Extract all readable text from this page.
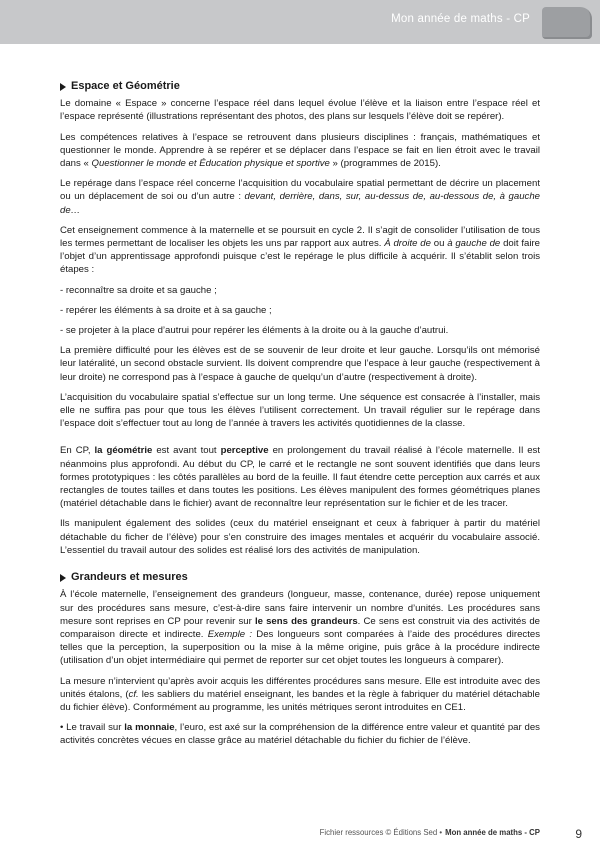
Mon année de maths - CP
Espace et Géométrie

Le domaine « Espace » concerne l’espace réel dans lequel évolue l’élève et la liaison entre l’espace réel et l’espace représenté (illustrations représentant des photos, des plans sur lesquels l’élève doit se repérer).

Les compétences relatives à l’espace se retrouvent dans plusieurs disciplines : français, mathématiques et questionner le monde. Apprendre à se repérer et se déplacer dans l’espace se fait en lien étroit avec le travail dans « Questionner le monde et Éducation physique et sportive » (programmes de 2015).

Le repérage dans l’espace réel concerne l’acquisition du vocabulaire spatial permettant de décrire un placement ou un déplacement de soi ou d’un autre : devant, derrière, dans, sur, au-dessus de, au-dessous de, à gauche de…

Cet enseignement commence à la maternelle et se poursuit en cycle 2. Il s’agit de consolider l’utilisation de tous les termes permettant de localiser les objets les uns par rapport aux autres. À droite de ou à gauche de doit faire l’objet d’un apprentissage approfondi puisque c’est le repérage le plus difficile à acquérir. Il s’établit selon trois étapes :

- reconnaître sa droite et sa gauche ;

- repérer les éléments à sa droite et à sa gauche ;

- se projeter à la place d’autrui pour repérer les éléments à la droite ou à la gauche d’autrui.

La première difficulté pour les élèves est de se souvenir de leur droite et leur gauche. Lorsqu’ils ont mémorisé leur latéralité, un second obstacle survient. Ils doivent comprendre que l’espace à leur gauche (respectivement à leur droite) ne correspond pas à l’espace à gauche de quelqu’un d’autre (respectivement à droite).

L’acquisition du vocabulaire spatial s’effectue sur un long terme. Une séquence est consacrée à l’installer, mais elle ne suffira pas pour que tous les élèves l’utilisent correctement. Un travail régulier sur le repérage dans l’espace doit s’effectuer tout au long de l’année à travers les activités quotidiennes de la classe.

En CP, la géométrie est avant tout perceptive en prolongement du travail réalisé à l’école maternelle. Il est néanmoins plus approfondi. Au début du CP, le carré et le rectangle ne sont souvent identifiés que dans leurs formes prototypiques : les côtés parallèles au bord de la feuille. Il faut étendre cette perception aux carrés et aux rectangles de toutes tailles et dans toutes les positions. Les élèves manipulent des formes géométriques planes (matériel détachable dans le fichier) avant de reconnaître leur représentation sur le fichier et de les tracer.

Ils manipulent également des solides (ceux du matériel enseignant et ceux à fabriquer à partir du matériel détachable du ficher de l’élève) pour s’en construire des images mentales et acquérir du vocabulaire associé. L’essentiel du travail autour des solides est réalisé lors des activités de manipulation.

Grandeurs et mesures

À l’école maternelle, l’enseignement des grandeurs (longueur, masse, contenance, durée) repose uniquement sur des procédures sans mesure, c’est-à-dire sans faire intervenir un nombre d’unités. Les procédures sans mesure sont reprises en CP pour revenir sur le sens des grandeurs. Ce sens est construit via des activités de comparaison directe et indirecte. Exemple : Des longueurs sont comparées à l’aide des procédures directes telles que la perception, la superposition ou la mise à la même origine, puis grâce à la procédure indirecte (utilisation d’un objet intermédiaire qui permet de reporter sur cet objet toutes les longueurs à comparer).

La mesure n’intervient qu’après avoir acquis les différentes procédures sans mesure. Elle est introduite avec des unités étalons, (cf. les sabliers du matériel enseignant, les bandes et la règle à fabriquer du matériel détachable du fichier élève). Conformément au programme, les unités métriques seront introduites en CE1.

• Le travail sur la monnaie, l’euro, est axé sur la compréhension de la différence entre valeur et quantité par des activités concrètes vécues en classe grâce au matériel détachable du fichier du fichier de l’élève.

Fichier ressources © Éditions Sed • Mon année de maths - CP	9
